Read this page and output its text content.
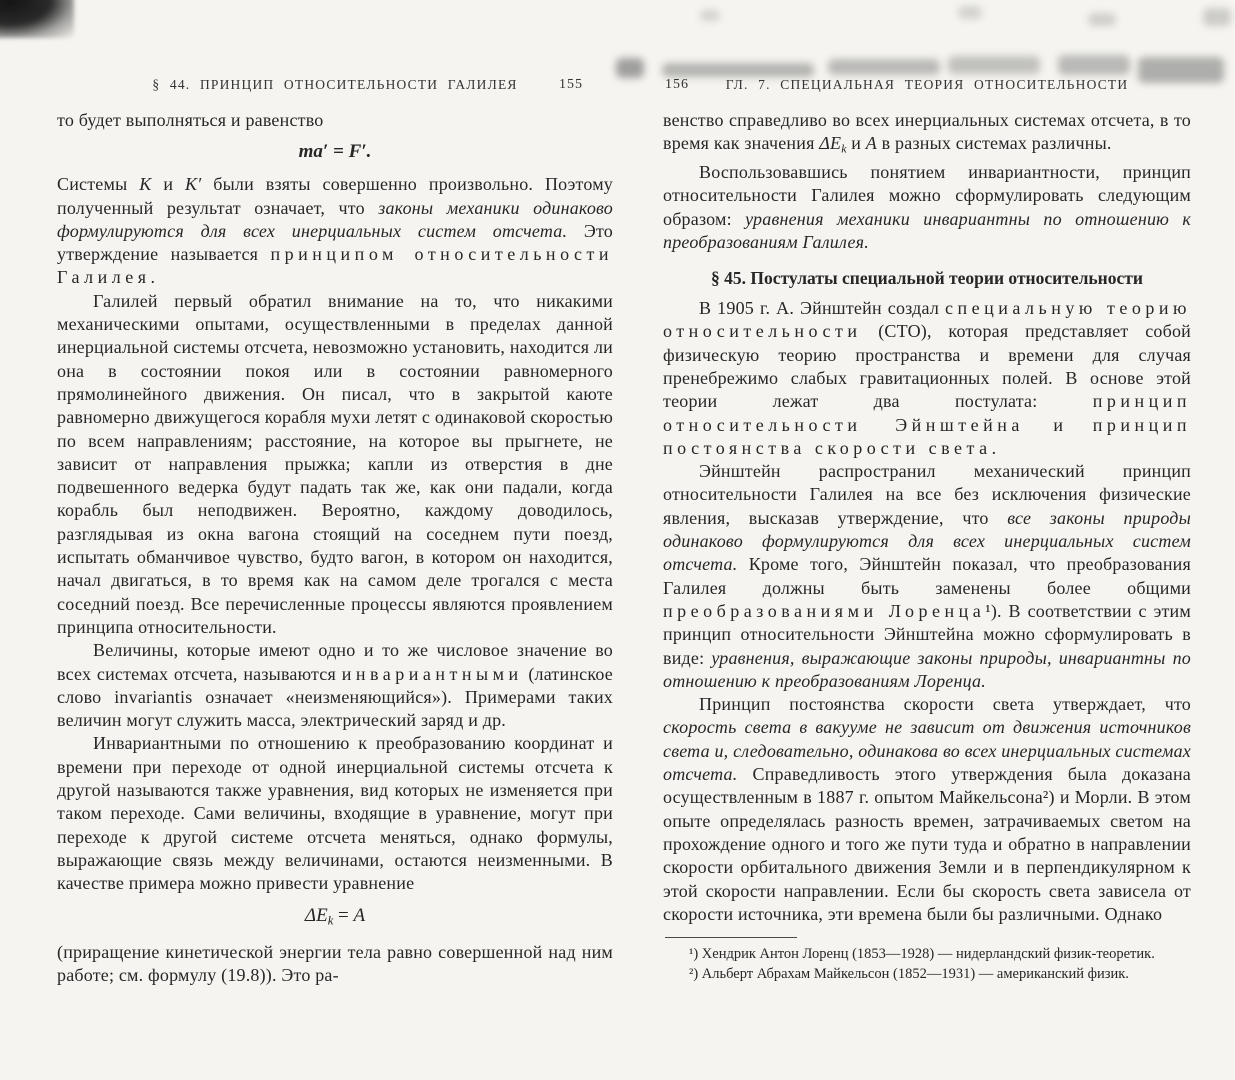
§ 44. ПРИНЦИП ОТНОСИТЕЛЬНОСТИ ГАЛИЛЕЯ	155

то будет выполняться и равенство

ma′ = F′.

Системы K и K′ были взяты совершенно произвольно. Поэтому полученный результат означает, что законы механики одинаково формулируются для всех инерциальных систем отсчета. Это утверждение называется принципом относительности Галилея.

Галилей первый обратил внимание на то, что никакими механическими опытами, осуществленными в пределах данной инерциальной системы отсчета, невозможно установить, находится ли она в состоянии покоя или в состоянии равномерного прямолинейного движения. Он писал, что в закрытой каюте равномерно движущегося корабля мухи летят с одинаковой скоростью по всем направлениям; расстояние, на которое вы прыгнете, не зависит от направления прыжка; капли из отверстия в дне подвешенного ведерка будут падать так же, как они падали, когда корабль был неподвижен. Вероятно, каждому доводилось, разглядывая из окна вагона стоящий на соседнем пути поезд, испытать обманчивое чувство, будто вагон, в котором он находится, начал двигаться, в то время как на самом деле трогался с места соседний поезд. Все перечисленные процессы являются проявлением принципа относительности.

Величины, которые имеют одно и то же числовое значение во всех системах отсчета, называются инвариантными (латинское слово invariantis означает «неизменяющийся»). Примерами таких величин могут служить масса, электрический заряд и др.

Инвариантными по отношению к преобразованию координат и времени при переходе от одной инерциальной системы отсчета к другой называются также уравнения, вид которых не изменяется при таком переходе. Сами величины, входящие в уравнение, могут при переходе к другой системе отсчета меняться, однако формулы, выражающие связь между величинами, остаются неизменными. В качестве примера можно привести уравнение

ΔEk = A

(приращение кинетической энергии тела равно совершенной над ним работе; см. формулу (19.8)). Это ра-

156	ГЛ. 7. СПЕЦИАЛЬНАЯ ТЕОРИЯ ОТНОСИТЕЛЬНОСТИ

венство справедливо во всех инерциальных системах отсчета, в то время как значения ΔEk и A в разных системах различны.

Воспользовавшись понятием инвариантности, принцип относительности Галилея можно сформулировать следующим образом: уравнения механики инвариантны по отношению к преобразованиям Галилея.

§ 45. Постулаты специальной теории относительности

В 1905 г. А. Эйнштейн создал специальную теорию относительности (СТО), которая представляет собой физическую теорию пространства и времени для случая пренебрежимо слабых гравитационных полей. В основе этой теории лежат два постулата: принцип относительности Эйнштейна и принцип постоянства скорости света.

Эйнштейн распространил механический принцип относительности Галилея на все без исключения физические явления, высказав утверждение, что все законы природы одинаково формулируются для всех инерциальных систем отсчета. Кроме того, Эйнштейн показал, что преобразования Галилея должны быть заменены более общими преобразованиями Лоренца¹). В соответствии с этим принцип относительности Эйнштейна можно сформулировать в виде: уравнения, выражающие законы природы, инвариантны по отношению к преобразованиям Лоренца.

Принцип постоянства скорости света утверждает, что скорость света в вакууме не зависит от движения источников света и, следовательно, одинакова во всех инерциальных системах отсчета. Справедливость этого утверждения была доказана осуществленным в 1887 г. опытом Майкельсона²) и Морли. В этом опыте определялась разность времен, затрачиваемых светом на прохождение одного и того же пути туда и обратно в направлении скорости орбитального движения Земли и в перпендикулярном к этой скорости направлении. Если бы скорость света зависела от скорости источника, эти времена были бы различными. Однако

¹) Хендрик Антон Лоренц (1853—1928) — нидерландский физик-теоретик.

²) Альберт Абрахам Майкельсон (1852—1931) — американский физик.
